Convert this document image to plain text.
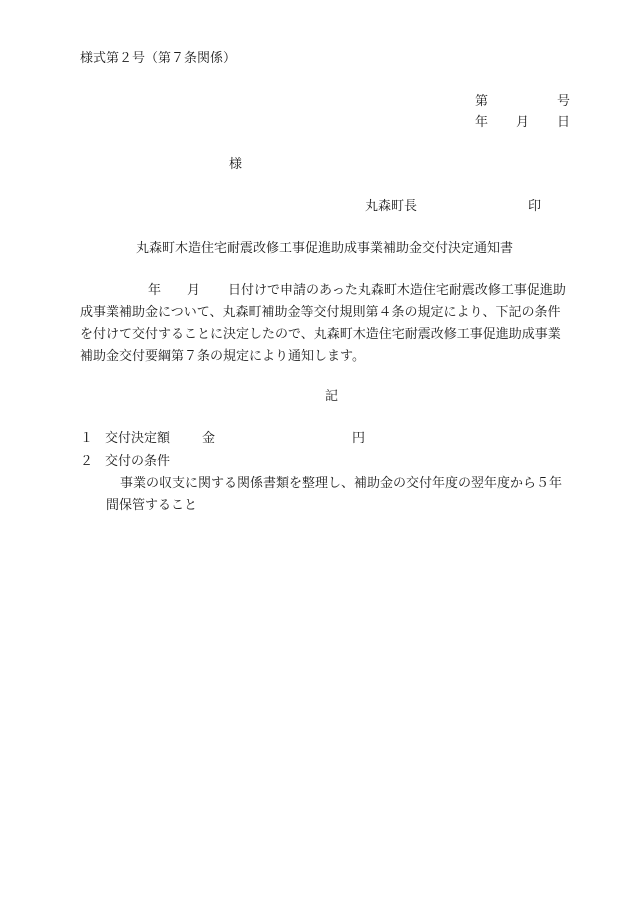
様式第２号（第７条関係）
第	号
年 月 日
様
丸森町長	印
丸森町木造住宅耐震改修工事促進助成事業補助金交付決定通知書
年 月 日付けで申請のあった丸森町木造住宅耐震改修工事促進助
成事業補助金について、丸森町補助金等交付規則第４条の規定により、下記の条件
を付けて交付することに決定したので、丸森町木造住宅耐震改修工事促進助成事業
補助金交付要綱第７条の規定により通知します。
記
１ 交付決定額 金	円
２ 交付の条件
事業の収支に関する関係書類を整理し、補助金の交付年度の翌年度から５年
間保管すること
